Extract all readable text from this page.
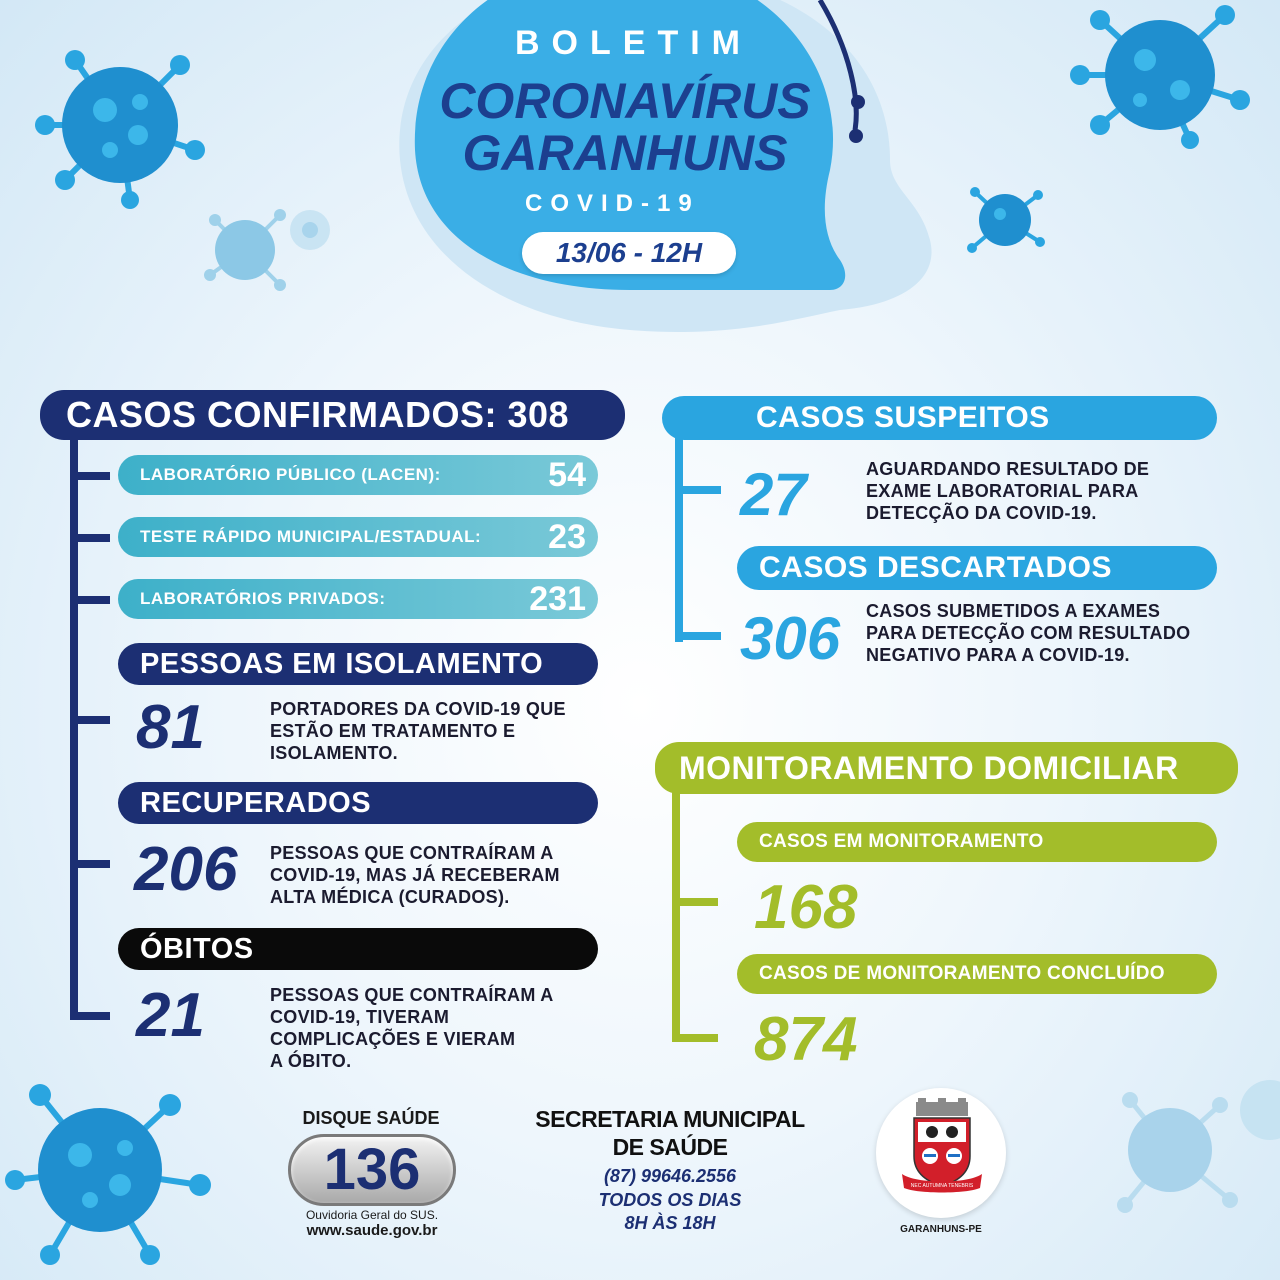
BOLETIM
CORONAVÍRUS
GARANHUNS
COVID-19
13/06 - 12H
CASOS CONFIRMADOS: 308
LABORATÓRIO PÚBLICO (LACEN):	54
TESTE RÁPIDO MUNICIPAL/ESTADUAL: 23
LABORATÓRIOS PRIVADOS:	231
PESSOAS EM ISOLAMENTO
81	PORTADORES DA COVID-19 QUE
ESTÃO EM TRATAMENTO E
ISOLAMENTO.
RECUPERADOS
206 PESSOAS QUE CONTRAÍRAM A
COVID-19, MAS JÁ RECEBERAM
ALTA MÉDICA (CURADOS).
ÓBITOS
21	PESSOAS QUE CONTRAÍRAM A
COVID-19, TIVERAM
COMPLICAÇÕES E VIERAM
A ÓBITO.
CASOS SUSPEITOS
27	AGUARDANDO RESULTADO DE
EXAME LABORATORIAL PARA
DETECÇÃO DA COVID-19.
CASOS DESCARTADOS
306 CASOS SUBMETIDOS A EXAMES
PARA DETECÇÃO COM RESULTADO
NEGATIVO PARA A COVID-19.
MONITORAMENTO DOMICILIAR
CASOS EM MONITORAMENTO
168
CASOS DE MONITORAMENTO CONCLUÍDO
874
DISQUE SAÚDE
136
Ouvidoria Geral do SUS.
www.saude.gov.br
SECRETARIA MUNICIPAL
DE SAÚDE
(87) 99646.2556
TODOS OS DIAS
8H ÀS 18H
NEC AUTUMNA TENEBRIS
GARANHUNS-PE
